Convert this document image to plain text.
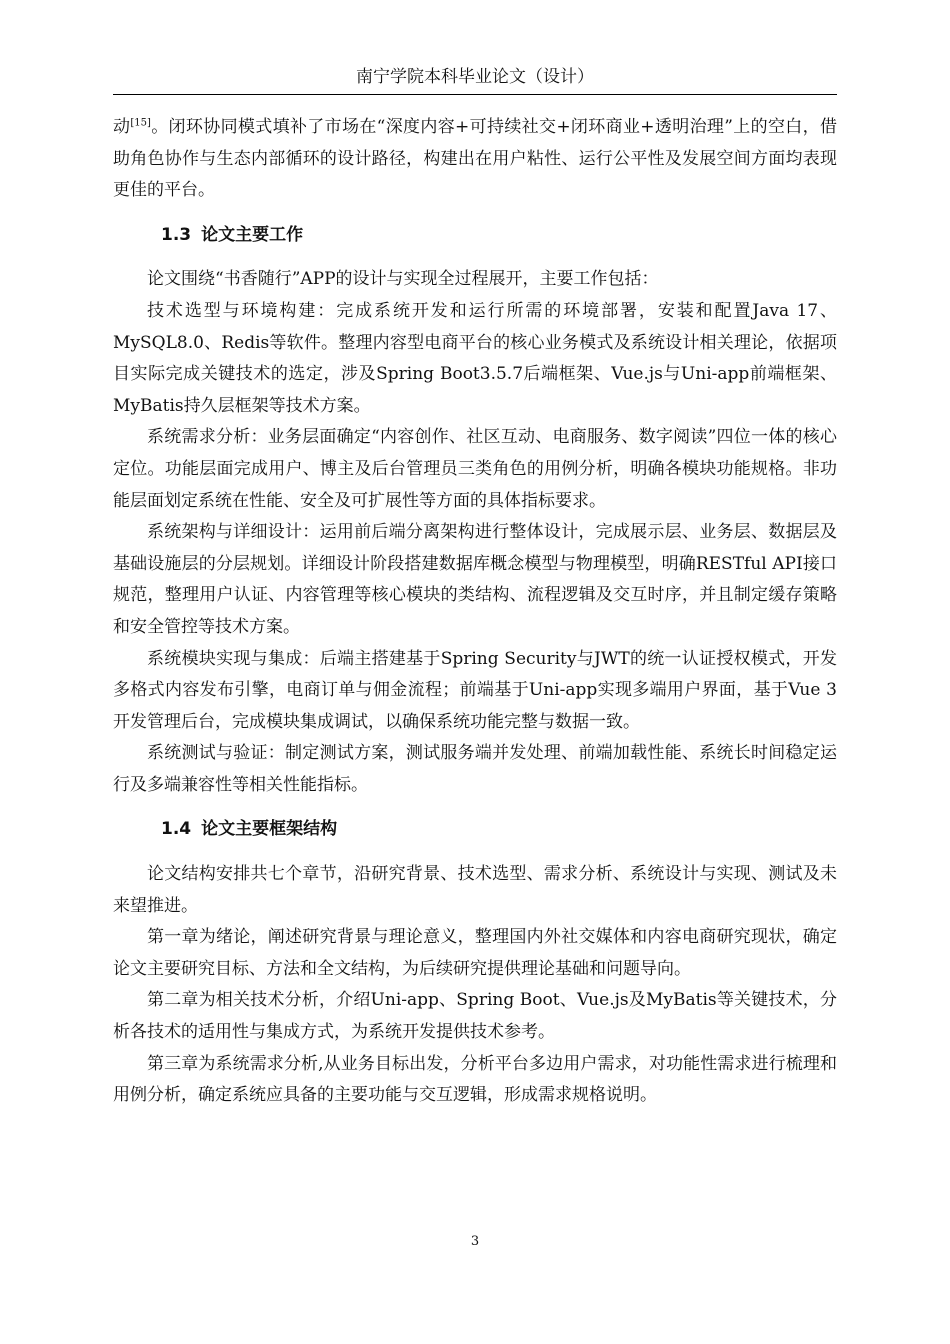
南宁学院本科毕业论文（设计）

动[15]。闭环协同模式填补了市场在“深度内容+可持续社交+闭环商业+透明治理”上的空白，借助角色协作与生态内部循环的设计路径，构建出在用户粘性、运行公平性及发展空间方面均表现更佳的平台。

1.3 论文主要工作

论文围绕“书香随行”APP的设计与实现全过程展开，主要工作包括：

技术选型与环境构建：完成系统开发和运行所需的环境部署，安装和配置Java 17、MySQL8.0、Redis等软件。整理内容型电商平台的核心业务模式及系统设计相关理论，依据项目实际完成关键技术的选定，涉及Spring Boot3.5.7后端框架、Vue.js与Uni-app前端框架、MyBatis持久层框架等技术方案。

系统需求分析：业务层面确定“内容创作、社区互动、电商服务、数字阅读”四位一体的核心定位。功能层面完成用户、博主及后台管理员三类角色的用例分析，明确各模块功能规格。非功能层面划定系统在性能、安全及可扩展性等方面的具体指标要求。

系统架构与详细设计：运用前后端分离架构进行整体设计，完成展示层、业务层、数据层及基础设施层的分层规划。详细设计阶段搭建数据库概念模型与物理模型，明确RESTful API接口规范，整理用户认证、内容管理等核心模块的类结构、流程逻辑及交互时序，并且制定缓存策略和安全管控等技术方案。

系统模块实现与集成：后端主搭建基于Spring Security与JWT的统一认证授权模式，开发多格式内容发布引擎，电商订单与佣金流程；前端基于Uni-app实现多端用户界面，基于Vue 3开发管理后台，完成模块集成调试，以确保系统功能完整与数据一致。

系统测试与验证：制定测试方案，测试服务端并发处理、前端加载性能、系统长时间稳定运行及多端兼容性等相关性能指标。

1.4 论文主要框架结构

论文结构安排共七个章节，沿研究背景、技术选型、需求分析、系统设计与实现、测试及未来望推进。

第一章为绪论，阐述研究背景与理论意义，整理国内外社交媒体和内容电商研究现状，确定论文主要研究目标、方法和全文结构，为后续研究提供理论基础和问题导向。

第二章为相关技术分析，介绍Uni-app、Spring Boot、Vue.js及MyBatis等关键技术，分析各技术的适用性与集成方式，为系统开发提供技术参考。

第三章为系统需求分析,从业务目标出发，分析平台多边用户需求，对功能性需求进行梳理和用例分析，确定系统应具备的主要功能与交互逻辑，形成需求规格说明。

3
